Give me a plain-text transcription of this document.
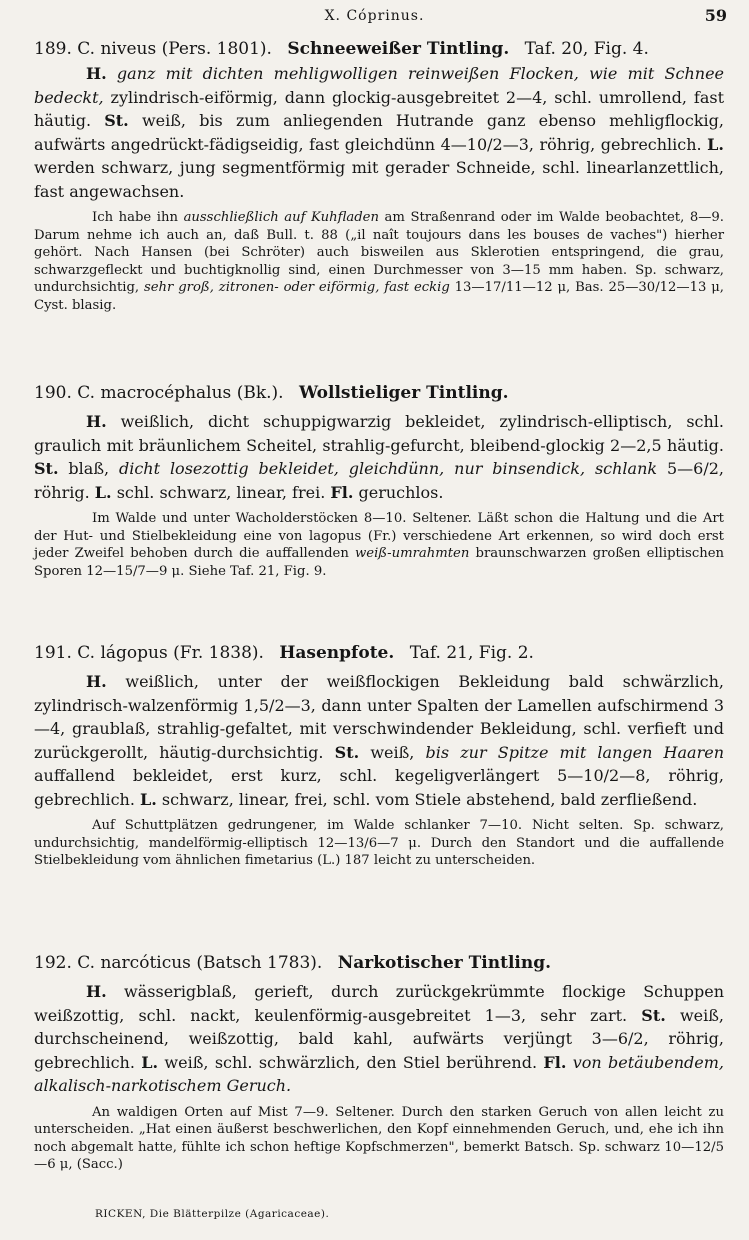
X. Cóprinus.	59
189. C. niveus (Pers. 1801). Schneeweißer Tintling. Taf. 20, Fig. 4.
H. ganz mit dichten mehligwolligen reinweißen Flocken, wie mit Schnee bedeckt, zylindrisch-eiförmig, dann glockig-ausgebreitet 2—4, schl. umrollend, fast häutig. St. weiß, bis zum anliegenden Hutrande ganz ebenso mehligflockig, aufwärts angedrückt-fädigseidig, fast gleichdünn 4—10/2—3, röhrig, gebrechlich. L. werden schwarz, jung segmentförmig mit gerader Schneide, schl. linearlanzettlich, fast angewachsen.
Ich habe ihn ausschließlich auf Kuhfladen am Straßenrand oder im Walde beobachtet, 8—9. Darum nehme ich auch an, daß Bull. t. 88 („il naît toujours dans les bouses de vaches") hierher gehört. Nach Hansen (bei Schröter) auch bisweilen aus Sklerotien entspringend, die grau, schwarzgefleckt und buchtigknollig sind, einen Durchmesser von 3—15 mm haben. Sp. schwarz, undurchsichtig, sehr groß, zitronen- oder eiförmig, fast eckig 13—17/11—12 μ, Bas. 25—30/12—13 μ, Cyst. blasig.
190. C. macrocéphalus (Bk.). Wollstieliger Tintling.
H. weißlich, dicht schuppigwarzig bekleidet, zylindrisch-elliptisch, schl. graulich mit bräunlichem Scheitel, strahlig-gefurcht, bleibend-glockig 2—2,5 häutig. St. blaß, dicht losezottig bekleidet, gleichdünn, nur binsendick, schlank 5—6/2, röhrig. L. schl. schwarz, linear, frei. Fl. geruchlos.
Im Walde und unter Wacholderstöcken 8—10. Seltener. Läßt schon die Haltung und die Art der Hut- und Stielbekleidung eine von lagopus (Fr.) verschiedene Art erkennen, so wird doch erst jeder Zweifel behoben durch die auffallenden weiß-umrahmten braunschwarzen großen elliptischen Sporen 12—15/7—9 μ. Siehe Taf. 21, Fig. 9.
191. C. lágopus (Fr. 1838). Hasenpfote. Taf. 21, Fig. 2.
H. weißlich, unter der weißflockigen Bekleidung bald schwärzlich, zylindrisch-walzenförmig 1,5/2—3, dann unter Spalten der Lamellen aufschirmend 3—4, graublaß, strahlig-gefaltet, mit verschwindender Bekleidung, schl. verfieft und zurückgerollt, häutig-durchsichtig. St. weiß, bis zur Spitze mit langen Haaren auffallend bekleidet, erst kurz, schl. kegeligverlängert 5—10/2—8, röhrig, gebrechlich. L. schwarz, linear, frei, schl. vom Stiele abstehend, bald zerfließend.
Auf Schuttplätzen gedrungener, im Walde schlanker 7—10. Nicht selten. Sp. schwarz, undurchsichtig, mandelförmig-elliptisch 12—13/6—7 μ. Durch den Standort und die auffallende Stielbekleidung vom ähnlichen fimetarius (L.) 187 leicht zu unterscheiden.
192. C. narcóticus (Batsch 1783). Narkotischer Tintling.
H. wässerigblaß, gerieft, durch zurückgekrümmte flockige Schuppen weißzottig, schl. nackt, keulenförmig-ausgebreitet 1—3, sehr zart. St. weiß, durchscheinend, weißzottig, bald kahl, aufwärts verjüngt 3—6/2, röhrig, gebrechlich. L. weiß, schl. schwärzlich, den Stiel berührend. Fl. von betäubendem, alkalisch-narkotischem Geruch.
An waldigen Orten auf Mist 7—9. Seltener. Durch den starken Geruch von allen leicht zu unterscheiden. „Hat einen äußerst beschwerlichen, den Kopf einnehmenden Geruch, und, ehe ich ihn noch abgemalt hatte, fühlte ich schon heftige Kopfschmerzen", bemerkt Batsch. Sp. schwarz 10—12/5—6 μ, (Sacc.)
RICKEN, Die Blätterpilze (Agaricaceae).
